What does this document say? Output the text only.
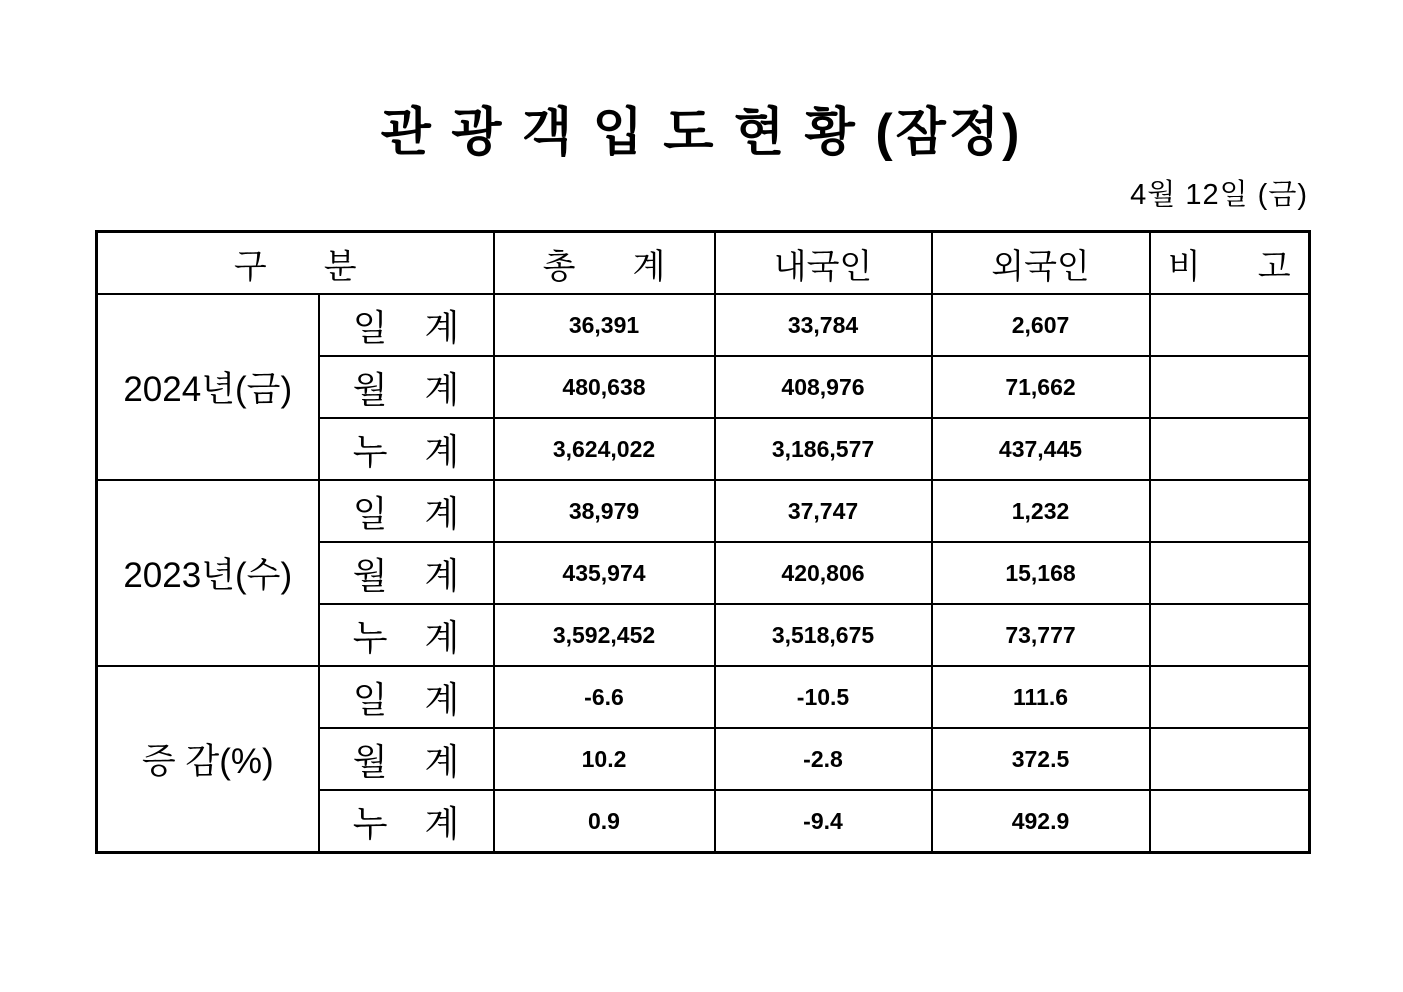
관 광 객 입 도 현 황 (잠정)
4월 12일 (금)
구 분		총 계	내국인	외국인	비 고
2024년(금)	일 계	36,391	33,784	2,607	
	월 계	480,638	408,976	71,662	
	누 계	3,624,022	3,186,577	437,445	
2023년(수)	일 계	38,979	37,747	1,232	
	월 계	435,974	420,806	15,168	
	누 계	3,592,452	3,518,675	73,777	
증 감(%)	일 계	-6.6	-10.5	111.6	
	월 계	10.2	-2.8	372.5	
	누 계	0.9	-9.4	492.9	
